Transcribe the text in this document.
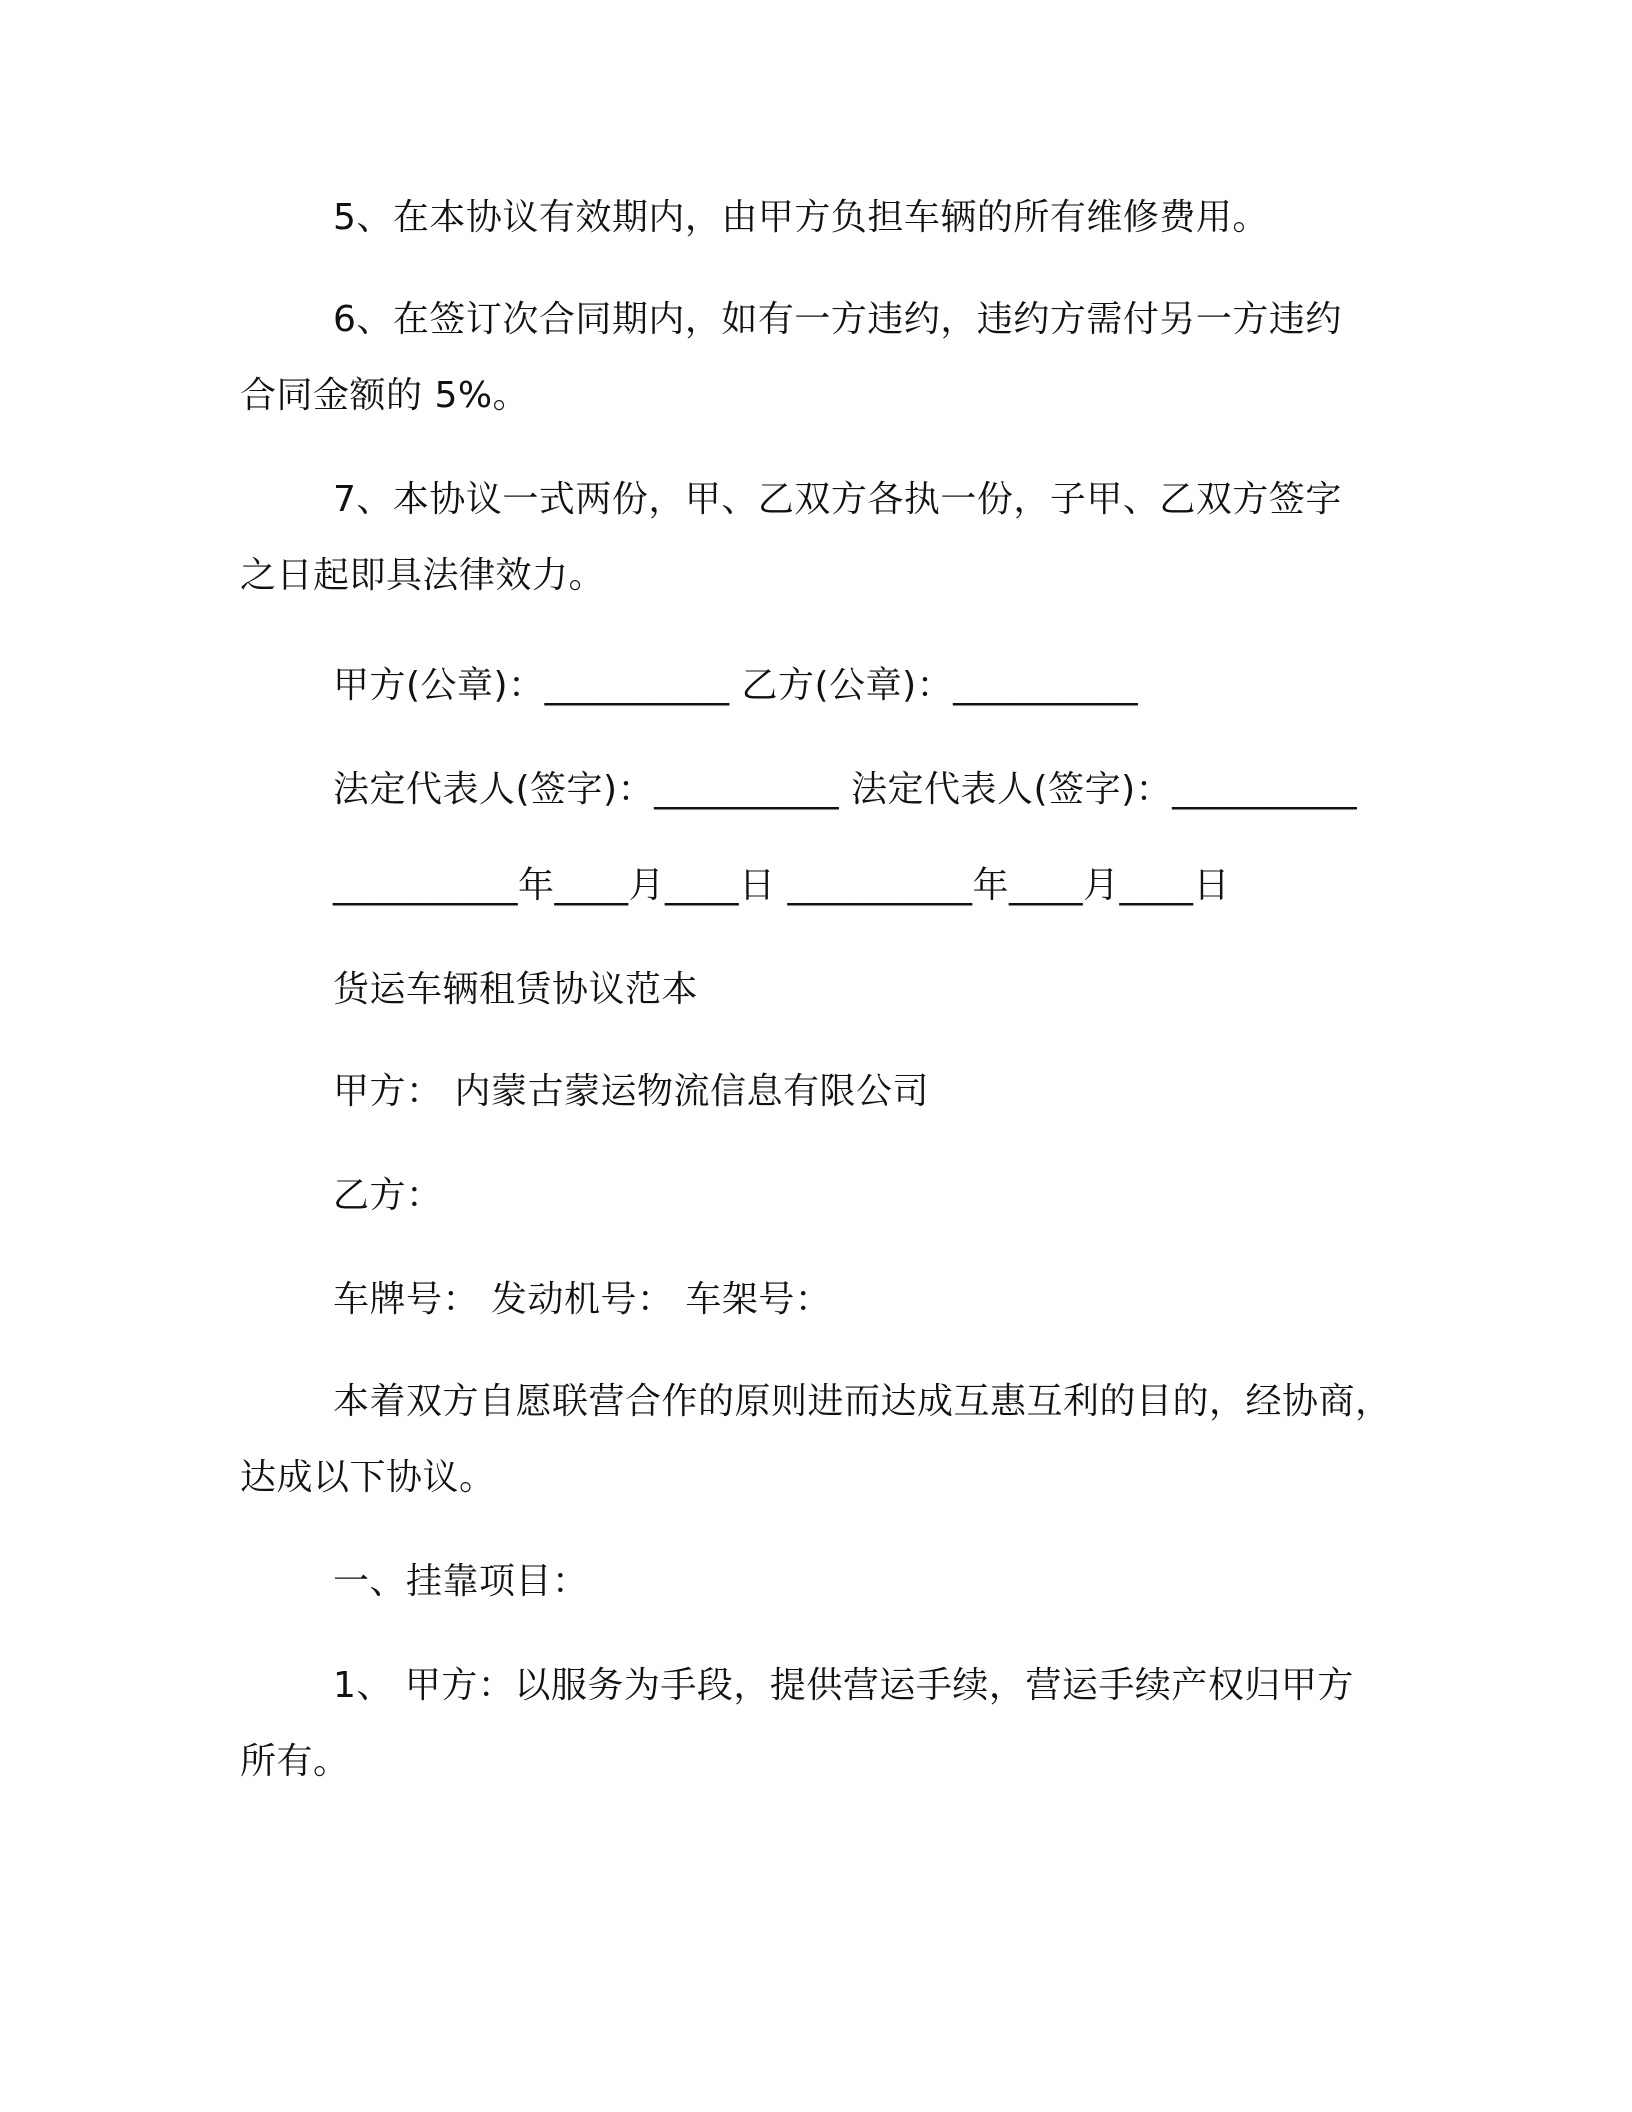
5、在本协议有效期内，由甲方负担车辆的所有维修费用。
6、在签订次合同期内，如有一方违约，违约方需付另一方违约
合同金额的 5%。
7、本协议一式两份，甲、乙双方各执一份，子甲、乙双方签字
之日起即具法律效力。
甲方(公章)：__________ 乙方(公章)：__________
法定代表人(签字)：__________ 法定代表人(签字)：__________
__________年____月____日 __________年____月____日
货运车辆租赁协议范本
甲方： 内蒙古蒙运物流信息有限公司
乙方：
车牌号： 发动机号： 车架号：
本着双方自愿联营合作的原则进而达成互惠互利的目的，经协商，
达成以下协议。
一、挂靠项目：
1、 甲方：以服务为手段，提供营运手续，营运手续产权归甲方
所有。
